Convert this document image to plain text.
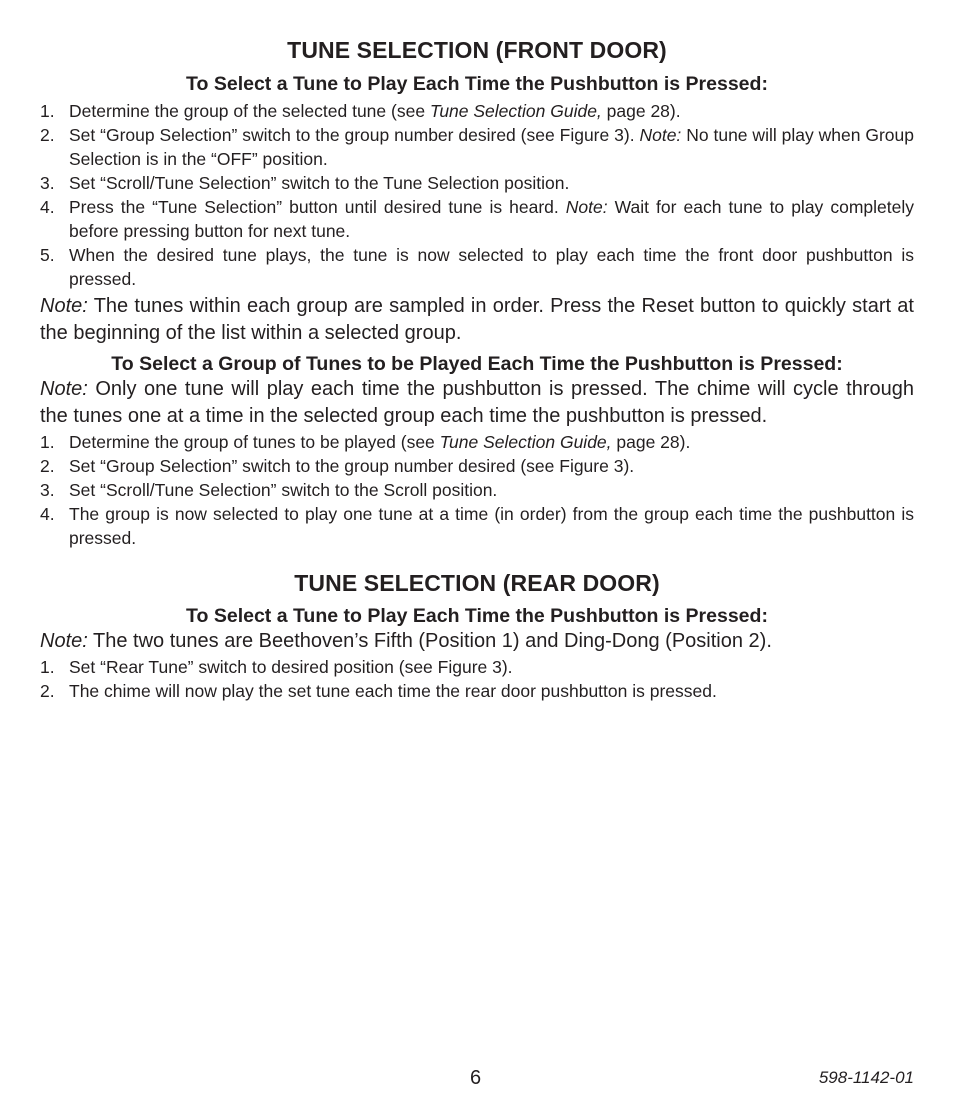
TUNE SELECTION (FRONT DOOR)
To Select a Tune to Play Each Time the Pushbutton is Pressed:
1. Determine the group of the selected tune (see Tune Selection Guide, page 28).
2. Set “Group Selection” switch to the group number desired (see Figure 3). Note: No tune will play when Group Selection is in the “OFF” position.
3. Set “Scroll/Tune Selection” switch to the Tune Selection position.
4. Press the “Tune Selection” button until desired tune is heard. Note: Wait for each tune to play completely before pressing button for next tune.
5. When the desired tune plays, the tune is now selected to play each time the front door pushbutton is pressed.

Note: The tunes within each group are sampled in order. Press the Reset button to quickly start at the beginning of the list within a selected group.

To Select a Group of Tunes to be Played Each Time the Pushbutton is Pressed:

Note: Only one tune will play each time the pushbutton is pressed. The chime will cycle through the tunes one at a time in the selected group each time the pushbutton is pressed.

1. Determine the group of tunes to be played (see Tune Selection Guide, page 28).
2. Set “Group Selection” switch to the group number desired (see Figure 3).
3. Set “Scroll/Tune Selection” switch to the Scroll position.
4. The group is now selected to play one tune at a time (in order) from the group each time the pushbutton is pressed.
TUNE SELECTION (REAR DOOR)
To Select a Tune to Play Each Time the Pushbutton is Pressed:

Note: The two tunes are Beethoven’s Fifth (Position 1) and Ding-Dong (Position 2).

1. Set “Rear Tune” switch to desired position (see Figure 3).
2. The chime will now play the set tune each time the rear door pushbutton is pressed.
6	598-1142-01
